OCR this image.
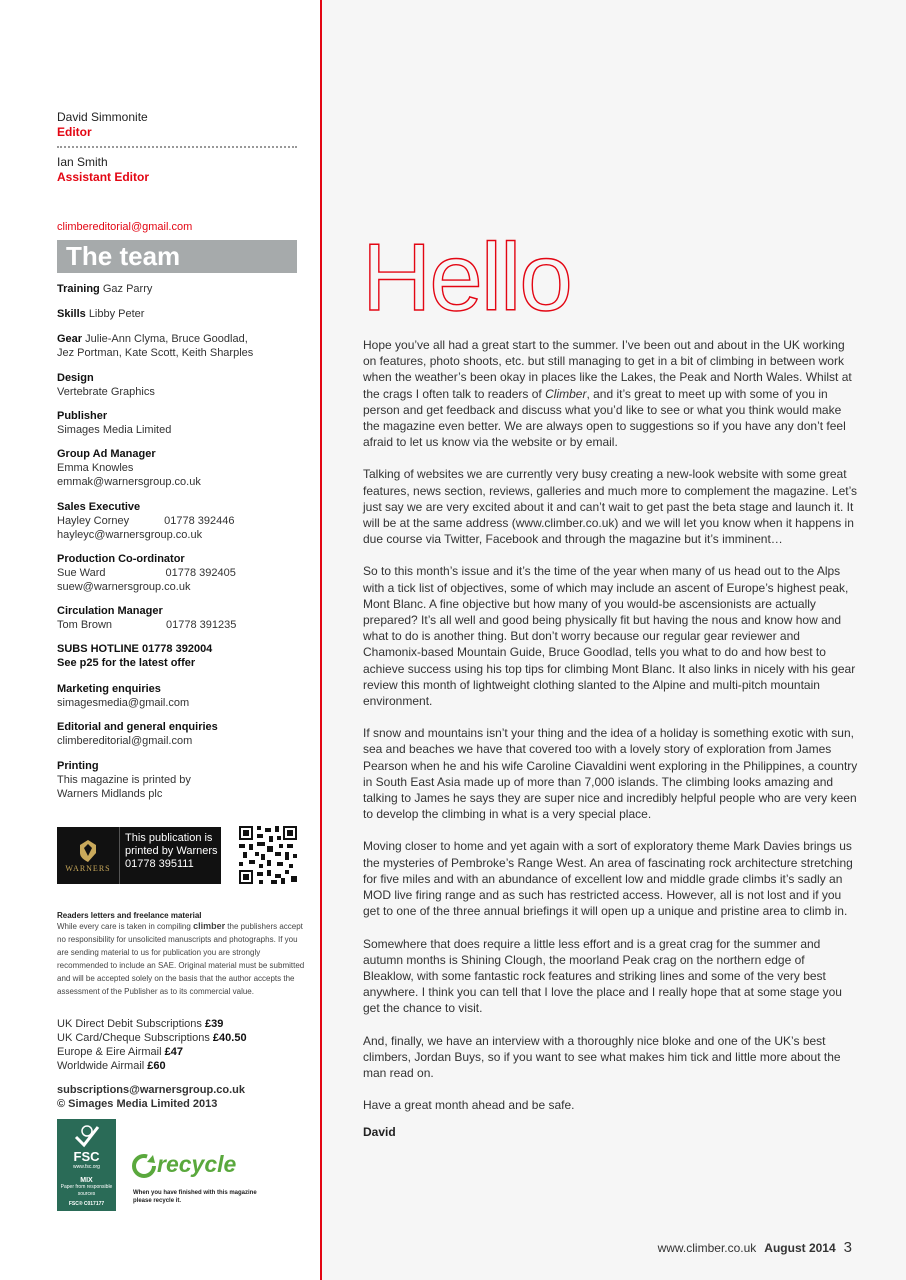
David Simmonite
Editor
Ian Smith
Assistant Editor
climbereditorial@gmail.com
The team
Training Gaz Parry
Skills Libby Peter
Gear Julie-Ann Clyma, Bruce Goodlad,
Jez Portman, Kate Scott, Keith Sharples
Design
Vertebrate Graphics
Publisher
Simages Media Limited
Group Ad Manager
Emma Knowles
emmak@warnersgroup.co.uk
Sales Executive
Hayley Corney	01778 392446
hayleyc@warnersgroup.co.uk
Production Co-ordinator
Sue Ward	01778 392405
suew@warnersgroup.co.uk
Circulation Manager
Tom Brown	01778 391235
SUBS HOTLINE 01778 392004
See p25 for the latest offer
Marketing enquiries
simagesmedia@gmail.com
Editorial and general enquiries
climbereditorial@gmail.com
Printing
This magazine is printed by
Warners Midlands plc
WARNERS
This publication is
printed by Warners
01778 395111
Readers letters and freelance material
While every care is taken in compiling climber the publishers accept no responsibility for unsolicited manuscripts and photographs. If you are sending material to us for publication you are strongly recommended to include an SAE. Original material must be submitted and will be accepted solely on the basis that the author accepts the assessment of the Publisher as to its commercial value.
UK Direct Debit Subscriptions £39
UK Card/Cheque Subscriptions £40.50
Europe & Eire Airmail £47
Worldwide Airmail £60
subscriptions@warnersgroup.co.uk
© Simages Media Limited 2013
FSC
www.fsc.org
MIX
Paper from responsible sources
FSC® C017177
recycle
When you have finished with this magazine please recycle it.
Hello

Hope you’ve all had a great start to the summer. I’ve been out and about in the UK working on features, photo shoots, etc. but still managing to get in a bit of climbing in between work when the weather’s been okay in places like the Lakes, the Peak and North Wales. Whilst at the crags I often talk to readers of Climber, and it’s great to meet up with some of you in person and get feedback and discuss what you’d like to see or what you think would make the magazine even better. We are always open to suggestions so if you have any don’t feel afraid to let us know via the website or by email.

Talking of websites we are currently very busy creating a new-look website with some great features, news section, reviews, galleries and much more to complement the magazine. Let’s just say we are very excited about it and can’t wait to get past the beta stage and launch it. It will be at the same address (www.climber.co.uk) and we will let you know when it happens in due course via Twitter, Facebook and through the magazine but it’s imminent…

So to this month’s issue and it’s the time of the year when many of us head out to the Alps with a tick list of objectives, some of which may include an ascent of Europe’s highest peak, Mont Blanc. A fine objective but how many of you would-be ascensionists are actually prepared? It’s all well and good being physically fit but having the nous and know how and what to do is another thing. But don’t worry because our regular gear reviewer and Chamonix-based Mountain Guide, Bruce Goodlad, tells you what to do and how best to achieve success using his top tips for climbing Mont Blanc. It also links in nicely with his gear review this month of lightweight clothing slanted to the Alpine and multi-pitch mountain environment.

If snow and mountains isn’t your thing and the idea of a holiday is something exotic with sun, sea and beaches we have that covered too with a lovely story of exploration from James Pearson when he and his wife Caroline Ciavaldini went exploring in the Philippines, a country in South East Asia made up of more than 7,000 islands. The climbing looks amazing and talking to James he says they are super nice and incredibly helpful people who are very keen to develop the climbing in what is a very special place.

Moving closer to home and yet again with a sort of exploratory theme Mark Davies brings us the mysteries of Pembroke’s Range West. An area of fascinating rock architecture stretching for five miles and with an abundance of excellent low and middle grade climbs it’s sadly an MOD live firing range and as such has restricted access. However, all is not lost and if you get to one of the three annual briefings it will open up a unique and pristine area to climb in.

Somewhere that does require a little less effort and is a great crag for the summer and autumn months is Shining Clough, the moorland Peak crag on the northern edge of Bleaklow, with some fantastic rock features and striking lines and some of the very best anywhere. I think you can tell that I love the place and I really hope that at some stage you get the chance to visit.

And, finally, we have an interview with a thoroughly nice bloke and one of the UK’s best climbers, Jordan Buys, so if you want to see what makes him tick and little more about the man read on.

Have a great month ahead and be safe.

David
www.climber.co.uk August 2014 3
